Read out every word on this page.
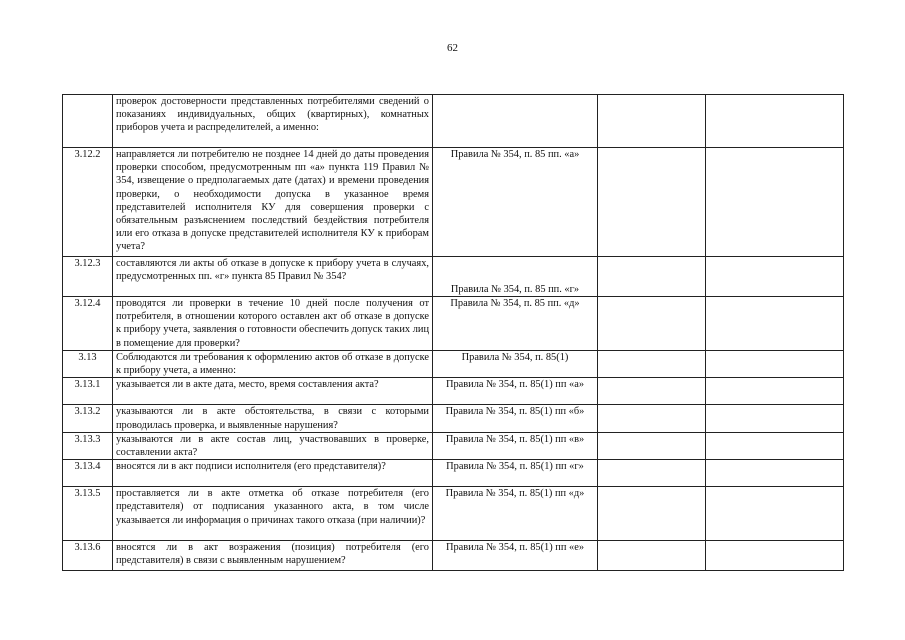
62
	проверок достоверности представленных потребителями сведений о показаниях индивидуальных, общих (квартирных), комнатных приборов учета и распределителей, а именно:			
3.12.2	направляется ли потребителю не позднее 14 дней до даты проведения проверки способом, предусмотренным пп «а» пункта 119 Правил № 354, извещение о предполагаемых дате (датах) и времени проведения проверки, о необходимости допуска в указанное время представителей исполнителя КУ для совершения проверки с обязательным разъяснением последствий бездействия потребителя или его отказа в допуске представителей исполнителя КУ к приборам учета?	Правила № 354, п. 85 пп. «а»		
3.12.3	составляются ли акты об отказе в допуске к прибору учета в случаях, предусмотренных пп. «г» пункта 85 Правил № 354?	Правила № 354, п. 85 пп. «г»		
3.12.4	проводятся ли проверки в течение 10 дней после получения от потребителя, в отношении которого оставлен акт об отказе в допуске к прибору учета, заявления о готовности обеспечить допуск таких лиц в помещение для проверки?	Правила № 354, п. 85 пп. «д»		
3.13	Соблюдаются ли требования к оформлению актов об отказе в допуске к прибору учета, а именно:	Правила № 354, п. 85(1)		
3.13.1	указывается ли в акте дата, место, время составления акта?	Правила № 354, п. 85(1) пп «а»		
3.13.2	указываются ли в акте обстоятельства, в связи с которыми проводилась проверка, и выявленные нарушения?	Правила № 354, п. 85(1) пп «б»		
3.13.3	указываются ли в акте состав лиц, участвовавших в проверке, составлении акта?	Правила № 354, п. 85(1) пп «в»		
3.13.4	вносятся ли в акт подписи исполнителя (его представителя)?	Правила № 354, п. 85(1) пп «г»		
3.13.5	проставляется ли в акте отметка об отказе потребителя (его представителя) от подписания указанного акта, в том числе указывается ли информация о причинах такого отказа (при наличии)?	Правила № 354, п. 85(1) пп «д»		
3.13.6	вносятся ли в акт возражения (позиция) потребителя (его представителя) в связи с выявленным нарушением?	Правила № 354, п. 85(1) пп «е»		
